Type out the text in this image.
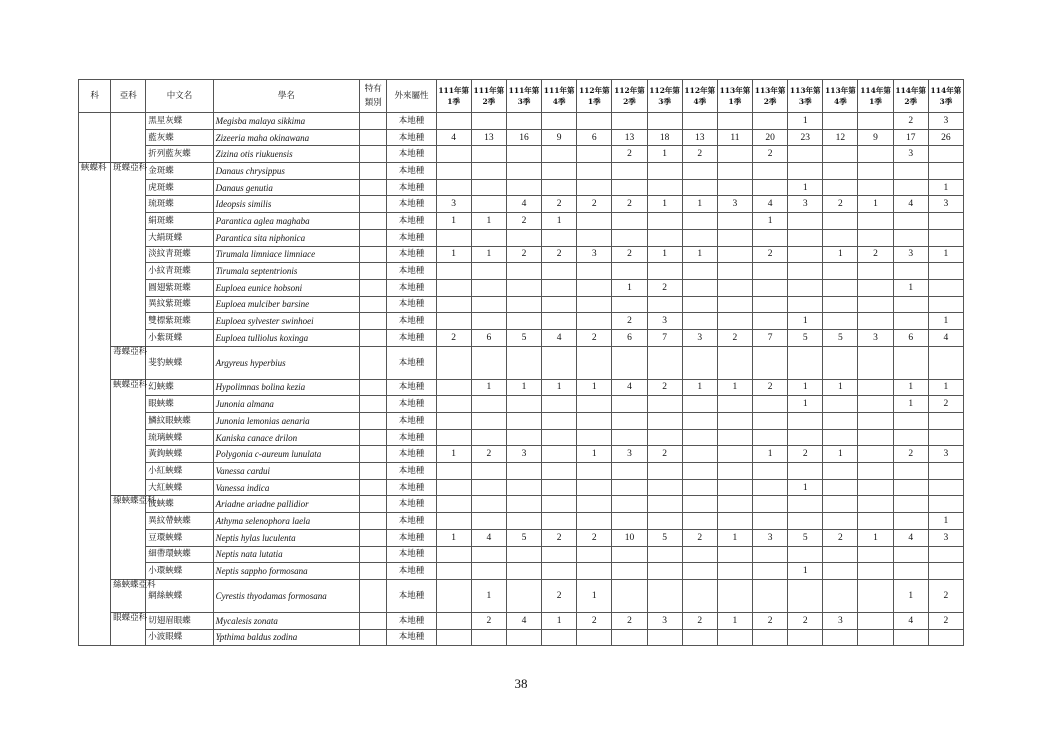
科	亞科	中文名	學名	特有類別	外來屬性	111年第1季	111年第2季	111年第3季	111年第4季	112年第1季	112年第2季	112年第3季	112年第4季	113年第1季	113年第2季	113年第3季	113年第4季	114年第1季	114年第2季	114年第3季
		黑星灰蝶	Megisba malaya sikkima		本地種											1			2	3
		藍灰蝶	Zizeeria maha okinawana		本地種	4	13	16	9	6	13	18	13	11	20	23	12	9	17	26
		折列藍灰蝶	Zizina otis riukuensis		本地種						2	1	2		2				3	
蛺蝶科	斑蝶亞科	金斑蝶	Danaus chrysippus		本地種															
		虎斑蝶	Danaus genutia		本地種											1				1
		琉斑蝶	Ideopsis similis		本地種	3		4	2	2	2	1	1	3	4	3	2	1	4	3
		絹斑蝶	Parantica aglea maghaba		本地種	1	1	2	1						1					
		大絹斑蝶	Parantica sita niphonica		本地種															
		淡紋青斑蝶	Tirumala limniace limniace		本地種	1	1	2	2	3	2	1	1		2		1	2	3	1
		小紋青斑蝶	Tirumala septentrionis		本地種															
		圓翅紫斑蝶	Euploea eunice hobsoni		本地種						1	2							1	
		異紋紫斑蝶	Euploea mulciber barsine		本地種															
		雙標紫斑蝶	Euploea sylvester swinhoei		本地種						2	3				1				1
		小紫斑蝶	Euploea tulliolus koxinga		本地種	2	6	5	4	2	6	7	3	2	7	5	5	3	6	4
	毒蝶亞科	斐豹蛺蝶	Argyreus hyperbius		本地種															
	蛺蝶亞科	幻蛺蝶	Hypolimnas bolina kezia		本地種		1	1	1	1	4	2	1	1	2	1	1		1	1
		眼蛺蝶	Junonia almana		本地種											1			1	2
		鱗紋眼蛺蝶	Junonia lemonias aenaria		本地種															
		琉璃蛺蝶	Kaniska canace drilon		本地種															
		黃鉤蛺蝶	Polygonia c-aureum lunulata		本地種	1	2	3		1	3	2			1	2	1		2	3
		小紅蛺蝶	Vanessa cardui		本地種															
		大紅蛺蝶	Vanessa indica		本地種											1				
	線蛺蝶亞科	波蛺蝶	Ariadne ariadne pallidior		本地種															
		異紋帶蛺蝶	Athyma selenophora laela		本地種															1
		豆環蛺蝶	Neptis hylas luculenta		本地種	1	4	5	2	2	10	5	2	1	3	5	2	1	4	3
		細帶環蛺蝶	Neptis nata lutatia		本地種															
		小環蛺蝶	Neptis sappho formosana		本地種											1				
	絲蛺蝶亞科	網絲蛺蝶	Cyrestis thyodamas formosana		本地種		1		2	1									1	2
	眼蝶亞科	切翅眉眼蝶	Mycalesis zonata		本地種		2	4	1	2	2	3	2	1	2	2	3		4	2
		小波眼蝶	Ypthima baldus zodina		本地種															
38
